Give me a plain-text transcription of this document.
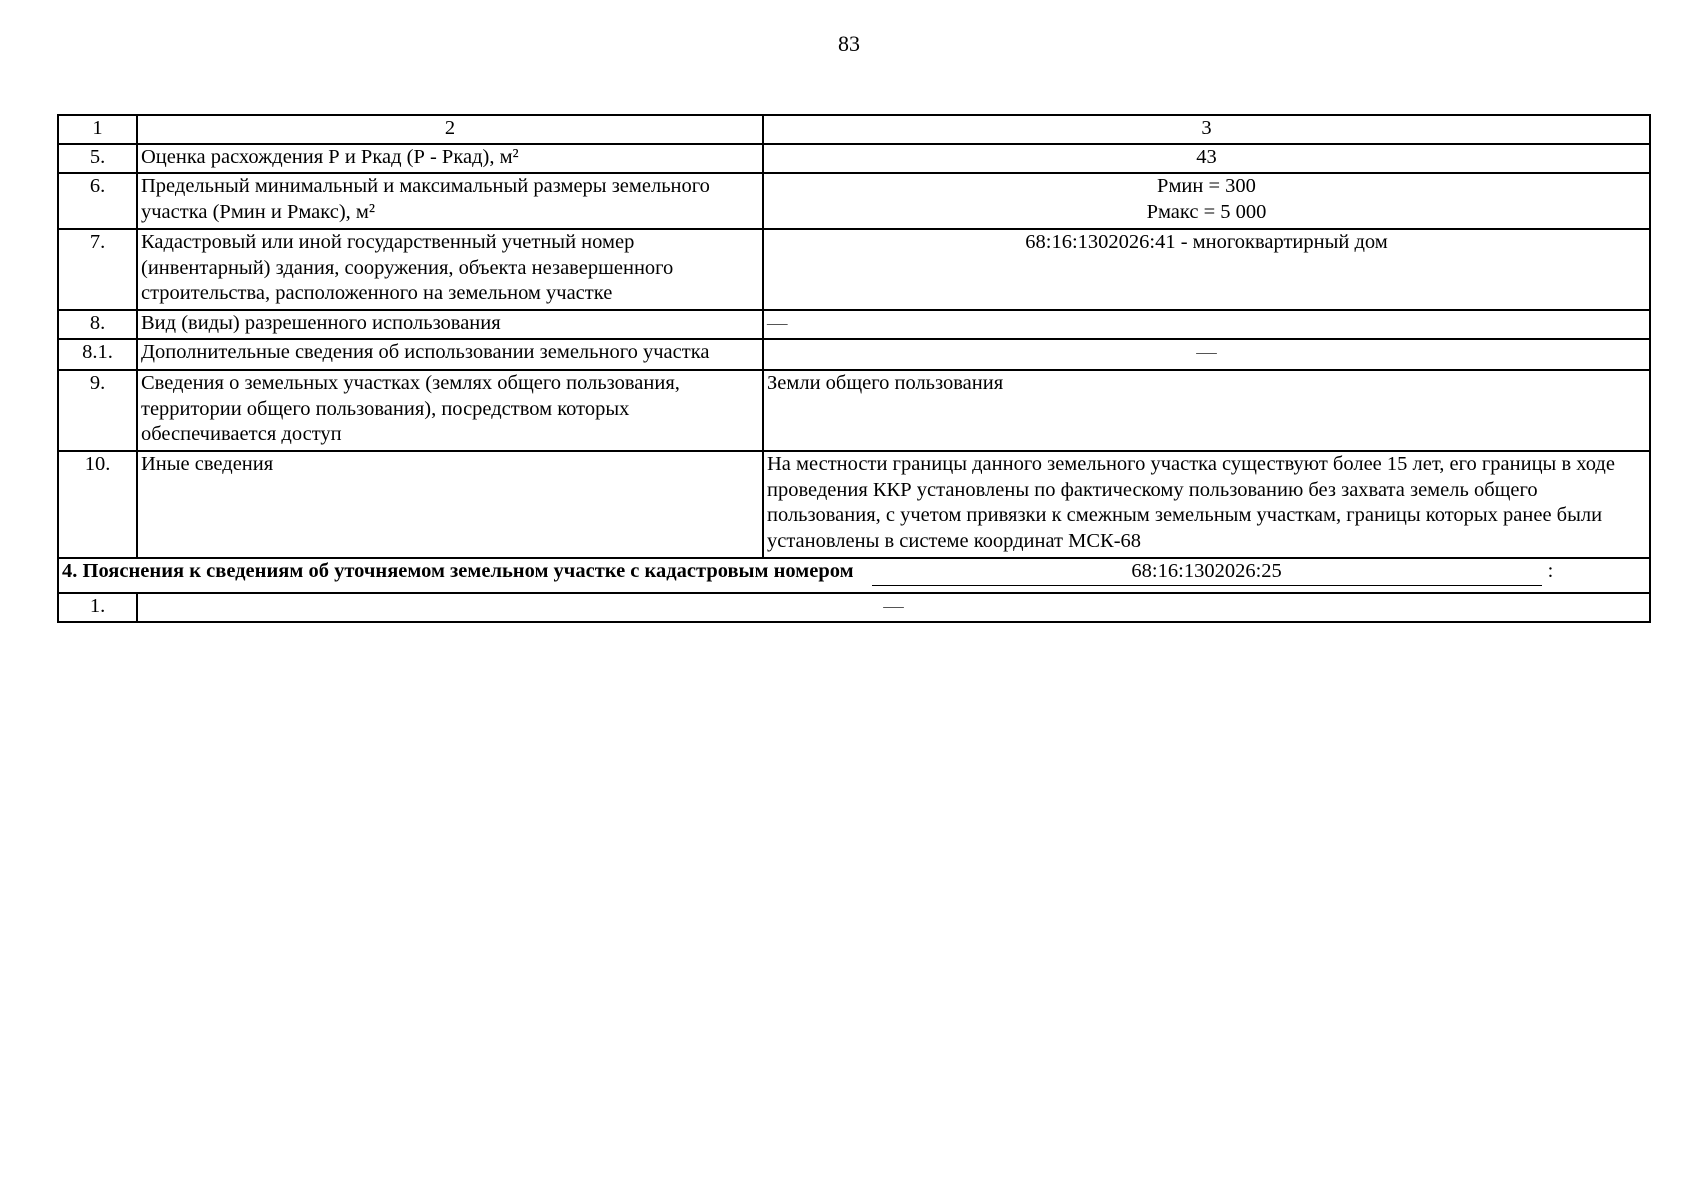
83
1	2	3
5.	Оценка расхождения Р и Ркад (Р - Ркад), м²	43
6.	Предельный минимальный и максимальный размеры земельного участка (Рмин и Рмакс), м²	Рмин = 300
Рмакс = 5 000

7.	Кадастровый или иной государственный учетный номер (инвентарный) здания, сооружения, объекта незавершенного строительства, расположенного на земельном участке	68:16:1302026:41 - многоквартирный дом
8.	Вид (виды) разрешенного использования	—
8.1.	Дополнительные сведения об использовании земельного участка	—
9.	Сведения о земельных участках (землях общего пользования, территории общего пользования), посредством которых обеспечивается доступ	Земли общего пользования
10.	Иные сведения	На местности границы данного земельного участка существуют более 15 лет, его границы в ходе проведения ККР установлены по фактическому пользованию без захвата земель общего пользования, с учетом привязки к смежным земельным участкам, границы которых ранее были установлены в системе координат МСК-68

4. Пояснения к сведениям об уточняемом земельном участке с кадастровым номером 68:16:1302026:25 :		

1.	—	
